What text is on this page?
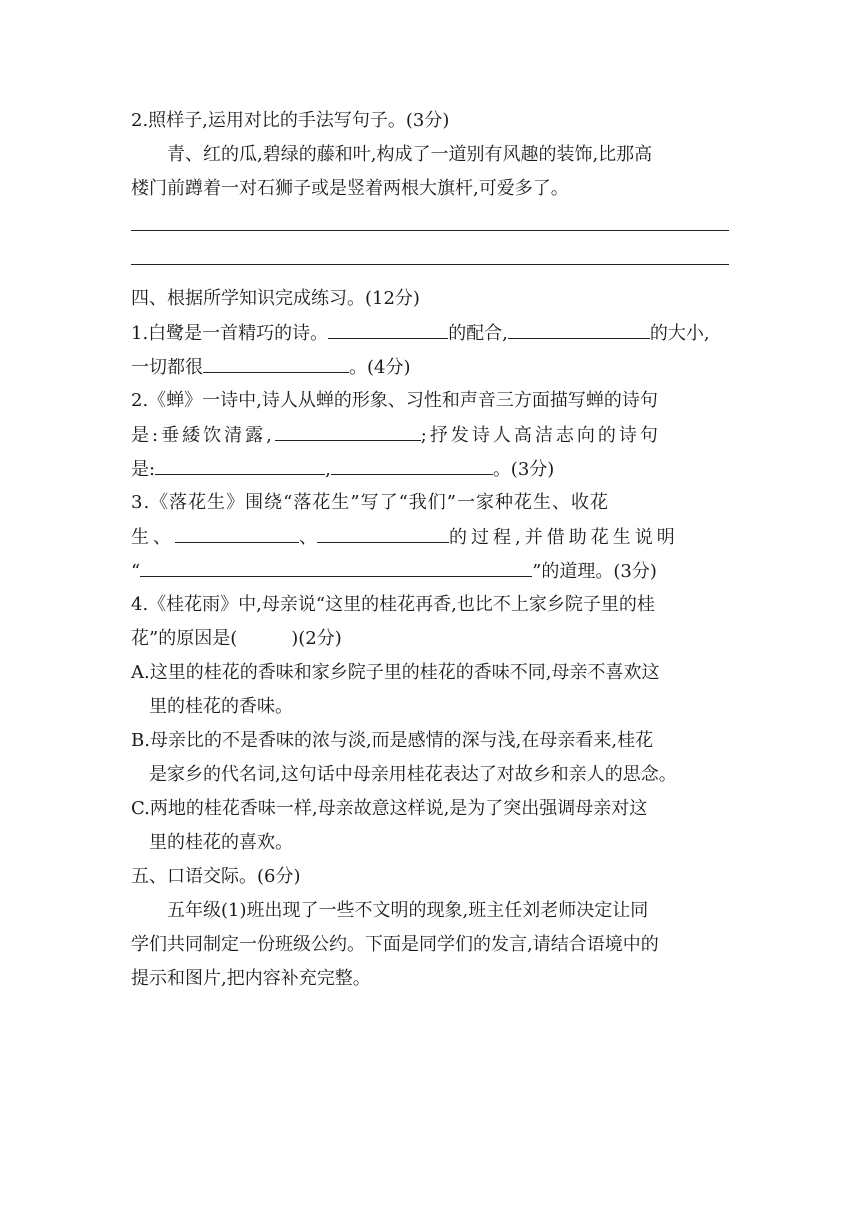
2.照样子,运用对比的手法写句子。(3分)
青、红的瓜,碧绿的藤和叶,构成了一道别有风趣的装饰,比那高
楼门前蹲着一对石狮子或是竖着两根大旗杆,可爱多了。
四、根据所学知识完成练习。(12分)
1.白鹭是一首精巧的诗。	的配合,	的大小,
一切都很	。(4分)
2.《蝉》一诗中,诗人从蝉的形象、习性和声音三方面描写蝉的诗句
是:垂緌饮清露,	;抒发诗人高洁志向的诗句
是:	,	。(3分)
3.《落花生》围绕“落花生”写了“我们”一家种花生、收花
生、	、	的过程,并借助花生说明
“	”的道理。(3分)
4.《桂花雨》中,母亲说“这里的桂花再香,也比不上家乡院子里的桂
花”的原因是(	)(2分)
A.这里的桂花的香味和家乡院子里的桂花的香味不同,母亲不喜欢这
里的桂花的香味。
B.母亲比的不是香味的浓与淡,而是感情的深与浅,在母亲看来,桂花
是家乡的代名词,这句话中母亲用桂花表达了对故乡和亲人的思念。
C.两地的桂花香味一样,母亲故意这样说,是为了突出强调母亲对这
里的桂花的喜欢。
五、口语交际。(6分)
五年级(1)班出现了一些不文明的现象,班主任刘老师决定让同
学们共同制定一份班级公约。下面是同学们的发言,请结合语境中的
提示和图片,把内容补充完整。
